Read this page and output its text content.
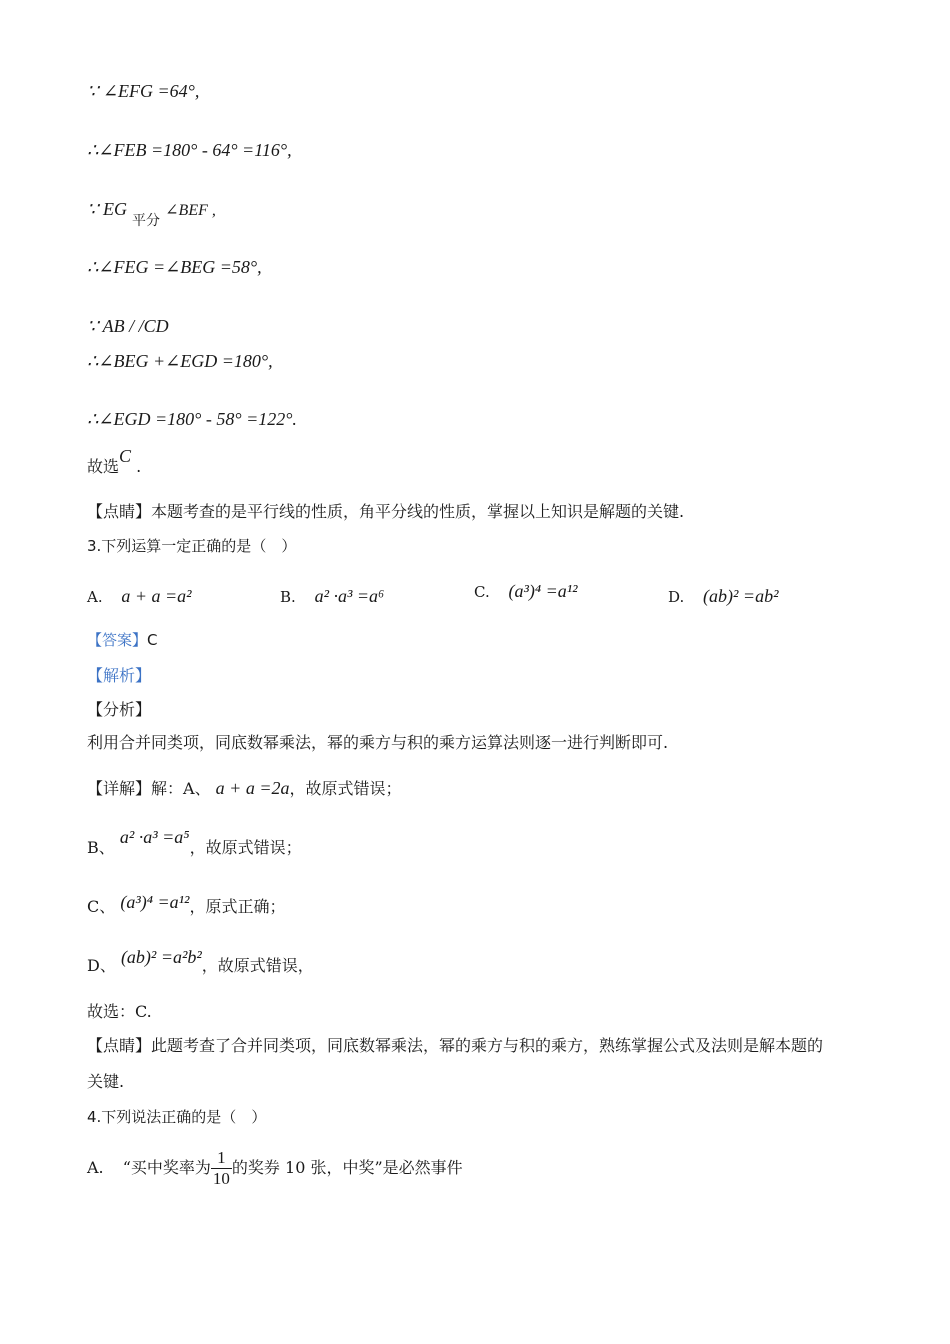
∵ ∠EFG =64°,
∴∠FEB =180° - 64° =116°,
∵ EG 平分 ∠BEF ,
∴∠FEG =∠BEG =58°,
∵ AB / /CD
∴∠BEG +∠EGD =180°,
∴∠EGD =180° - 58° =122°.
故选C .
【点睛】本题考查的是平行线的性质，角平分线的性质，掌握以上知识是解题的关键.
3.下列运算一定正确的是（　）
A. a + a =a²	B. a² ·a³ =a⁶	C. (a³)⁴ =a¹²	D. (ab)² =ab²
【答案】C
【解析】
【分析】
利用合并同类项，同底数幂乘法，幂的乘方与积的乘方运算法则逐一进行判断即可.
【详解】解：A、 a + a =2a，故原式错误；
B、 a² ·a³ =a⁵，故原式错误；
C、 (a³)⁴ =a¹²，原式正确；
D、 (ab)² =a²b²，故原式错误，
故选：C.
【点睛】此题考查了合并同类项，同底数幂乘法，幂的乘方与积的乘方，熟练掌握公式及法则是解本题的
关键.
4.下列说法正确的是（　）
A. “买中奖率为 $\frac{1}{10}$ 的奖券 10 张，中奖”是必然事件
